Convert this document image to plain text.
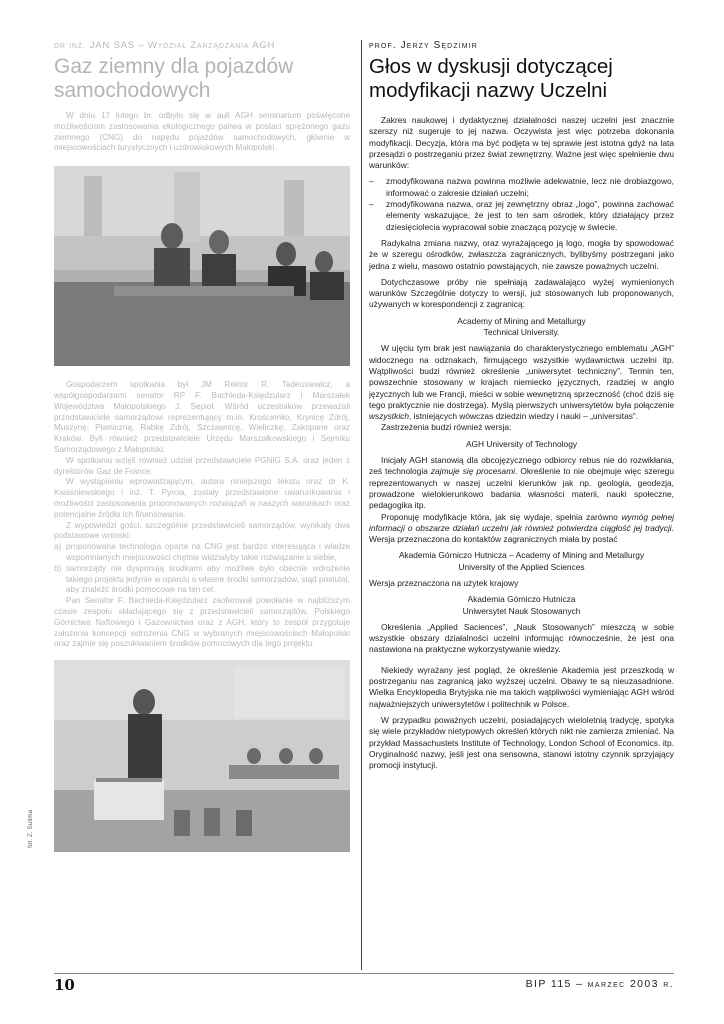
dr inż. JAN SAS – Wydział Zarządzania AGH
Gaz ziemny dla pojazdów samochodowych

W dniu 17 lutego br. odbyło się w auli AGH seminarium poświęcone możliwościom zastosowania ekologicznego paliwa w postaci sprężonego gazu ziemnego (CNG) do napędu pojazdów samochodowych, głównie w miejscowościach turystycznych i uzdrowiskowych Małopolski.

Gospodarzem spotkania był JM Rektor R. Tadeusiewicz, a współgospodarzami senator RP F. Bachleda-Księdzularz i Marszałek Województwa Małopolskiego J. Sepioł. Wśród uczestników przeważali przedstawiciele samorządowi reprezentujący m.in. Krościenko, Krynicę Zdrój, Muszynę, Piwniczną, Rabkę Zdrój, Szczawnicę, Wieliczkę, Zakopane oraz Kraków. Byli również przedstawiciele Urzędu Marszałkowskiego i Sejmiku Samorządowego z Małopolski.

W spotkaniu wzięli również udział przedstawiciele PGNiG S.A. oraz jeden z dyrektorów Gaz de France.

W wystąpieniu wprowadzającym, autora niniejszego tekstu oraz dr K. Kwaśniewskiego i inż. T. Pyrcia, zostały przedstawione uwarunkowania i możliwości zastosowania proponowanych rozwiązań w naszych warunkach oraz potencjalne źródła ich finansowania.

Z wypowiedzi gości, szczególnie przedstawicieli samorządów, wynikały dwa podstawowe wnioski:

a) proponowana technologia oparta na CNG jest bardzo interesująca i władze wspomnianych miejscowości chętnie widziałyby takie rozwiązanie u siebie,

b) samorządy nie dysponują środkami aby możliwe było obecnie wdrożenie takiego projektu jedynie w oparciu o własne środki samorządów, stąd postulat, aby znaleźć środki pomocowe na ten cel.

Pan Senator F. Bachleda-Księdzularz zaoferował powołanie w najbliższym czasie zespołu składającego się z przedstawicieli samorządów, Polskiego Górnictwa Naftowego i Gazownictwa oraz z AGH, który to zespół przygotuje założenia koncepcji wdrożenia CNG w wybranych miejscowościach Małopolski oraz zajmie się poszukiwaniem środków pomocowych dla tego projektu.

fot. Z. Sulima
prof. Jerzy Sędzimir
Głos w dyskusji dotyczącej modyfikacji nazwy Uczelni

Zakres naukowej i dydaktycznej działalności naszej uczelni jest znacznie szerszy niż sugeruje to jej nazwa. Oczywista jest więc potrzeba dokonania modyfikacji. Decyzja, która ma być podjęta w tej sprawie jest istotna gdyż na lata przesądzi o postrzeganiu przez świat zewnętrzny. Ważne jest więc spełnienie dwu warunków:

– zmodyfikowana nazwa powinna możliwie adekwatnie, lecz nie drobiazgowo, informować o zakresie działań uczelni;

– zmodyfikowana nazwa, oraz jej zewnętrzny obraz „logo”, powinna zachować elementy wskazujące, że jest to ten sam ośrodek, który działający przez dziesięciolecia wypracował sobie znaczącą pozycję w świecie.

Radykalna zmiana nazwy, oraz wyrażającego ją logo, mogła by spowodować że w szeregu ośrodków, zwłaszcza zagranicznych, bylibyśmy postrzegani jako jedna z wielu, masowo ostatnio powstających, nie zawsze poważnych uczelni.

Dotychczasowe próby nie spełniają zadawalająco wyżej wymienionych warunków Szczególnie dotyczy to wersji, już stosowanych lub proponowanych, używanych w korespondencji z zagranicą:

Academy of Mining and Metallurgy

Technical University.

W ujęciu tym brak jest nawiązania do charakterystycznego emblematu „AGH” widocznego na odznakach, firmującego wszystkie wydawnictwa uczelni itp. Wątpliwości budzi również określenie „uniwersytet techniczny”. Termin ten, powszechnie stosowany w krajach niemiecko języcznych, rzadziej w anglo języcznych lub we Francji, mieści w sobie wewnętrzną sprzeczność (choć dziś się tego praktycznie nie dostrzega). Myślą pierwszych uniwersytetów była połączenie wszystkich, istniejących wówczas dziedzin wiedzy i nauki – „universitas”.

Zastrzeżenia budzi również wersja:

AGH University of Technology

Inicjały AGH stanowią dla obcojęzycznego odbiorcy rebus nie do rozwikłania, ześ technologia zajmuje się procesami. Określenie to nie obejmuje więc szeregu reprezentowanych w naszej uczelni kierunków jak np. geologia, geodezja, prowadzone wielokierunkowo badania własności materii, nauki społeczne, pedagogika itp.

Proponuję modyfikacje która, jak się wydaje, spełnia zarówno wymóg pełnej informacji o obszarze działań uczelni jak również potwierdza ciągłość jej tradycji. Wersja przeznaczona do kontaktów zagranicznych miała by postać

Akademia Górniczo Hutnicza – Academy of Mining and Metallurgy

University of the Applied Sciences

Wersja przeznaczona na użytek krajowy

Akademia Górniczo Hutnicza

Uniwersytet Nauk Stosowanych

Określenia „Applied Saciences”, „Nauk Stosowanych” mieszczą w sobie wszystkie obszary działalności uczelni informując równocześnie, że jest ona nastawiona na praktyczne wykorzystywanie wiedzy.

Niekiedy wyrażany jest pogląd, że określenie Akademia jest przeszkodą w postrzeganiu nas zagranicą jako wyższej uczelni. Obawy te są nieuzasadnione. Wielka Encyklopedia Brytyjska nie ma takich wątpliwości wymieniając AGH wśród najważniejszych uniwersytetów i politechnik w Polsce.

W przypadku poważnych uczelni, posiadających wieloletnią tradycję, spotyka się wiele przykładów nietypowych określeń których nikt nie zamierza zmieniać. Na przykład Massachustets Institute of Technology, London School of Economics. itp. Oryginalność nazwy, jeśli jest ona sensowna, stanowi istotny czynnik sprzyjający promocji instytucji.

10	BIP 115 – marzec 2003 r.
